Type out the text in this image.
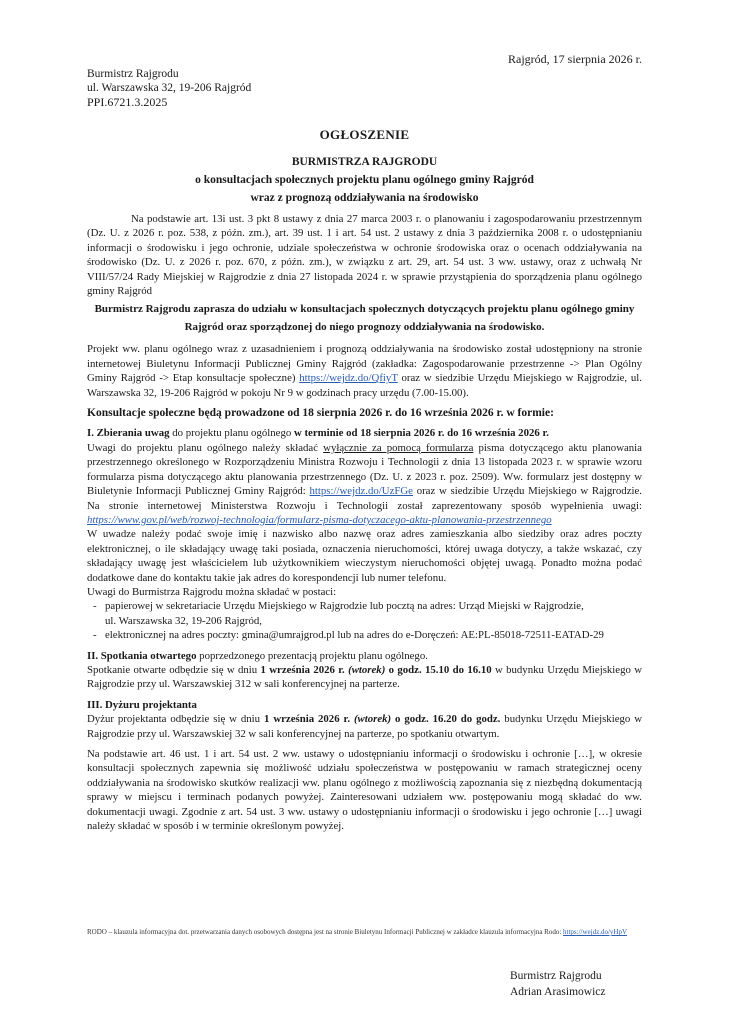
Rajgród, 17 sierpnia 2026 r.
Burmistrz Rajgrodu
ul. Warszawska 32, 19-206 Rajgród
PPI.6721.3.2025
OGŁOSZENIE
BURMISTRZA RAJGRODU
o konsultacjach społecznych projektu planu ogólnego gminy Rajgród
wraz z prognozą oddziaływania na środowisko

Na podstawie art. 13i ust. 3 pkt 8 ustawy z dnia 27 marca 2003 r. o planowaniu i zagospodarowaniu przestrzennym (Dz. U. z 2026 r. poz. 538, z późn. zm.), art. 39 ust. 1 i art. 54 ust. 2 ustawy z dnia 3 października 2008 r. o udostępnianiu informacji o środowisku i jego ochronie, udziale społeczeństwa w ochronie środowiska oraz o ocenach oddziaływania na środowisko (Dz. U. z 2026 r. poz. 670, z późn. zm.), w związku z art. 29, art. 54 ust. 3 ww. ustawy, oraz z uchwałą Nr VIII/57/24 Rady Miejskiej w Rajgrodzie z dnia 27 listopada 2024 r. w sprawie przystąpienia do sporządzenia planu ogólnego gminy Rajgród

Burmistrz Rajgrodu zaprasza do udziału w konsultacjach społecznych dotyczących projektu planu ogólnego gminy Rajgród oraz sporządzonej do niego prognozy oddziaływania na środowisko.

Projekt ww. planu ogólnego wraz z uzasadnieniem i prognozą oddziaływania na środowisko został udostępniony na stronie internetowej Biuletynu Informacji Publicznej Gminy Rajgród (zakładka: Zagospodarowanie przestrzenne -> Plan Ogólny Gminy Rajgród -> Etap konsultacje społeczne) https://wejdz.do/QfiyT oraz w siedzibie Urzędu Miejskiego w Rajgrodzie, ul. Warszawska 32, 19-206 Rajgród w pokoju Nr 9 w godzinach pracy urzędu (7.00-15.00).

Konsultacje społeczne będą prowadzone od 18 sierpnia 2026 r. do 16 września 2026 r. w formie:

I. Zbierania uwag do projektu planu ogólnego w terminie od 18 sierpnia 2026 r. do 16 września 2026 r.

Uwagi do projektu planu ogólnego należy składać wyłącznie za pomocą formularza pisma dotyczącego aktu planowania przestrzennego określonego w Rozporządzeniu Ministra Rozwoju i Technologii z dnia 13 listopada 2023 r. w sprawie wzoru formularza pisma dotyczącego aktu planowania przestrzennego (Dz. U. z 2023 r. poz. 2509). Ww. formularz jest dostępny w Biuletynie Informacji Publicznej Gminy Rajgród: https://wejdz.do/UzFGe oraz w siedzibie Urzędu Miejskiego w Rajgrodzie. Na stronie internetowej Ministerstwa Rozwoju i Technologii został zaprezentowany sposób wypełnienia uwagi: https://www.gov.pl/web/rozwoj-technologia/formularz-pisma-dotyczacego-aktu-planowania-przestrzennego

W uwadze należy podać swoje imię i nazwisko albo nazwę oraz adres zamieszkania albo siedziby oraz adres poczty elektronicznej, o ile składający uwagę taki posiada, oznaczenia nieruchomości, której uwaga dotyczy, a także wskazać, czy składający uwagę jest właścicielem lub użytkownikiem wieczystym nieruchomości objętej uwagą. Ponadto można podać dodatkowe dane do kontaktu takie jak adres do korespondencji lub numer telefonu.

Uwagi do Burmistrza Rajgrodu można składać w postaci:

- papierowej w sekretariacie Urzędu Miejskiego w Rajgrodzie lub pocztą na adres: Urząd Miejski w Rajgrodzie,
ul. Warszawska 32, 19-206 Rajgród,
- elektronicznej na adres poczty: gmina@umrajgrod.pl lub na adres do e-Doręczeń: AE:PL-85018-72511-EATAD-29

II. Spotkania otwartego poprzedzonego prezentacją projektu planu ogólnego.

Spotkanie otwarte odbędzie się w dniu 1 września 2026 r. (wtorek) o godz. 15.10 do 16.10 w budynku Urzędu Miejskiego w Rajgrodzie przy ul. Warszawskiej 312 w sali konferencyjnej na parterze.

III. Dyżuru projektanta

Dyżur projektanta odbędzie się w dniu 1 września 2026 r. (wtorek) o godz. 16.20 do godz. budynku Urzędu Miejskiego w Rajgrodzie przy ul. Warszawskiej 32 w sali konferencyjnej na parterze, po spotkaniu otwartym.

Na podstawie art. 46 ust. 1 i art. 54 ust. 2 ww. ustawy o udostępnianiu informacji o środowisku i ochronie […], w okresie konsultacji społecznych zapewnia się możliwość udziału społeczeństwa w postępowaniu w ramach strategicznej oceny oddziaływania na środowisko skutków realizacji ww. planu ogólnego z możliwością zapoznania się z niezbędną dokumentacją sprawy w miejscu i terminach podanych powyżej. Zainteresowani udziałem ww. postępowaniu mogą składać do ww. dokumentacji uwagi. Zgodnie z art. 54 ust. 3 ww. ustawy o udostępnianiu informacji o środowisku i jego ochronie […] uwagi należy składać w sposób i w terminie określonym powyżej.

RODO – klauzula informacyjna dot. przetwarzania danych osobowych dostępna jest na stronie Biuletynu Informacji Publicznej w zakładce klauzula informacyjna Rodo: https://wejdz.do/yHpV
Burmistrz Rajgrodu
Adrian Arasimowicz
